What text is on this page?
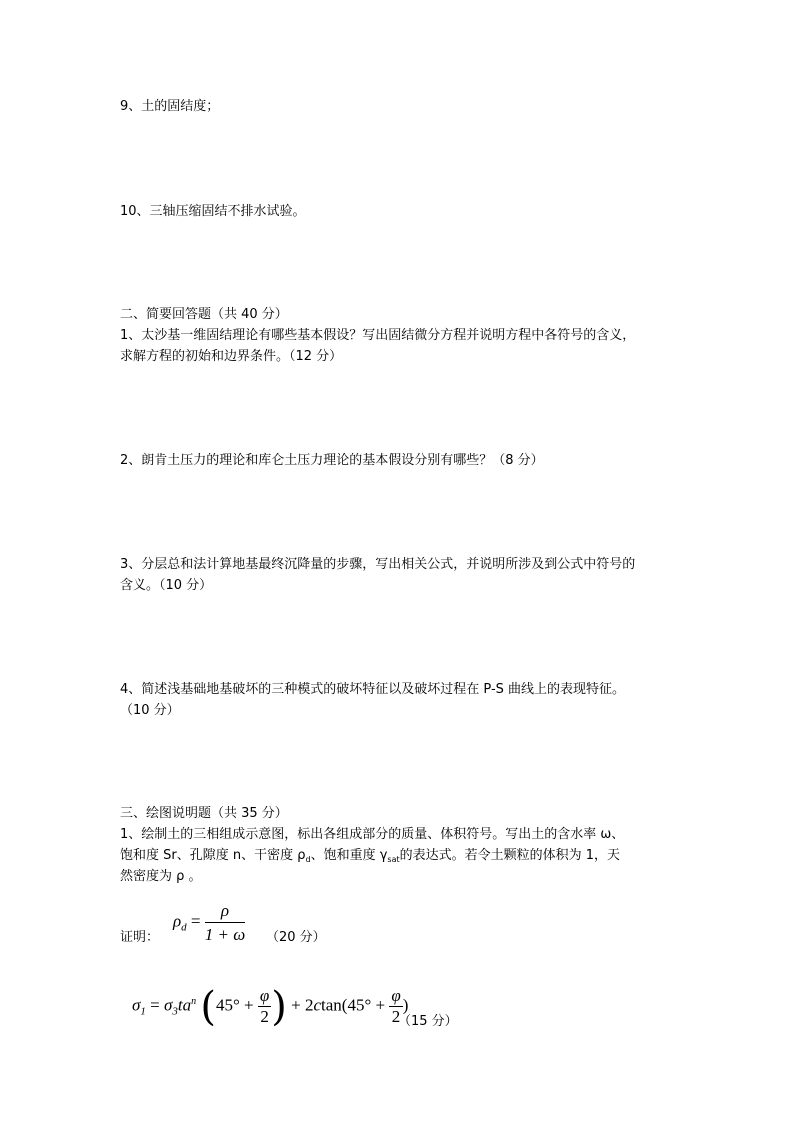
9、土的固结度；

10、三轴压缩固结不排水试验。

二、简要回答题（共 40 分）

1、太沙基一维固结理论有哪些基本假设？写出固结微分方程并说明方程中各符号的含义，

求解方程的初始和边界条件。（12 分）

2、朗肯土压力的理论和库仑土压力理论的基本假设分别有哪些？（8 分）

3、分层总和法计算地基最终沉降量的步骤，写出相关公式，并说明所涉及到公式中符号的

含义。（10 分）

4、简述浅基础地基破坏的三种模式的破坏特征以及破坏过程在 P-S 曲线上的表现特征。

（10 分）

三、绘图说明题（共 35 分）

1、绘制土的三相组成示意图，标出各组成部分的质量、体积符号。写出土的含水率 ω、

饱和度 Sr、孔隙度 n、干密度 $\rho_d$、饱和重度 $\gamma_{sat}$的表达式。若令土颗粒的体积为 1，天

然密度为 ρ 。

$\rho_d = \frac{\rho}{1 + \omega}$

证明：	（20 分）

$\sigma_1 = \sigma_3ta^n$ ($45^\circ + \frac{\varphi}{2}$ ) + $2ctan(45^\circ + \frac{\varphi}{2}$ )

（15 分）
